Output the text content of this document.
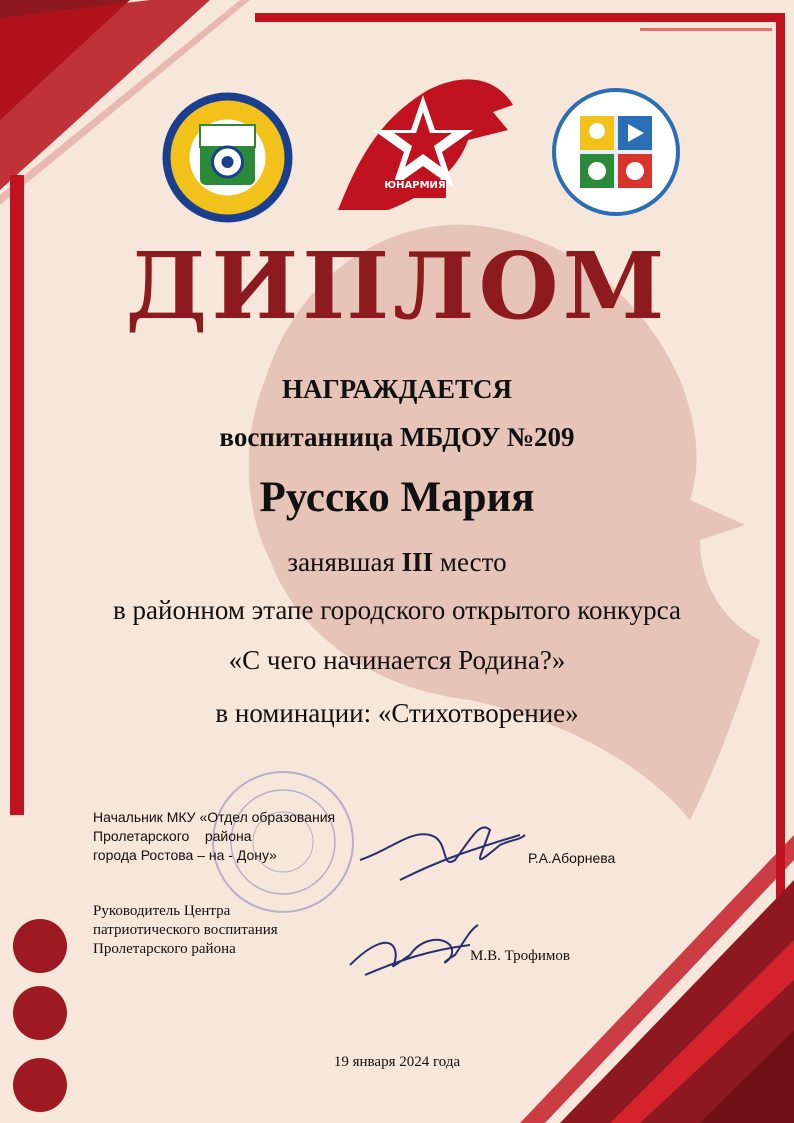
ЮНАРМИЯ
ДИПЛОМ
НАГРАЖДАЕТСЯ
воспитанница МБДОУ №209
Русско Мария
занявшая III место
в районном этапе городского открытого конкурса
«С чего начинается Родина?»
в номинации: «Стихотворение»
Начальник МКУ «Отдел образования
Пролетарского    района
города Ростова – на - Дону»	Р.А.Аборнева
Руководитель Центра
патриотического воспитания
Пролетарского района	М.В. Трофимов
19 января 2024 года
